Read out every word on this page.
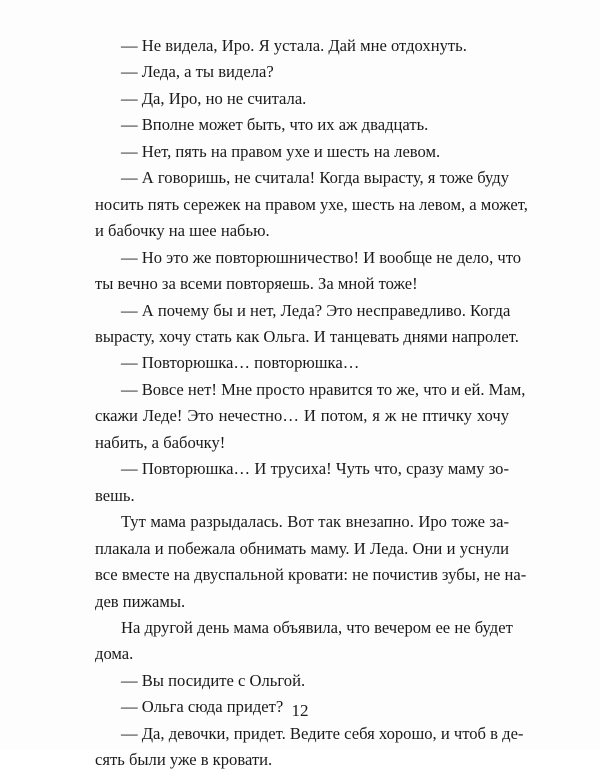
— Не видела, Иро. Я устала. Дай мне отдохнуть.

— Леда, а ты видела?

— Да, Иро, но не считала.

— Вполне может быть, что их аж двадцать.

— Нет, пять на правом ухе и шесть на левом.

— А говоришь, не считала! Когда вырасту, я тоже буду
носить пять сережек на правом ухе, шесть на левом, а может,
и бабочку на шее набью.

— Но это же повторюшничество! И вообще не дело, что
ты вечно за всеми повторяешь. За мной тоже!

— А почему бы и нет, Леда? Это несправедливо. Когда
вырасту, хочу стать как Ольга. И танцевать днями напролет.

— Повторюшка… повторюшка…

— Вовсе нет! Мне просто нравится то же, что и ей. Мам,
скажи Леде! Это нечестно… И потом, я ж не птичку хочу
набить, а бабочку!

— Повторюшка… И трусиха! Чуть что, сразу маму зо-
вешь.

Тут мама разрыдалась. Вот так внезапно. Иро тоже за-
плакала и побежала обнимать маму. И Леда. Они и уснули
все вместе на двуспальной кровати: не почистив зубы, не на-
дев пижамы.

На другой день мама объявила, что вечером ее не будет
дома.

— Вы посидите с Ольгой.

— Ольга сюда придет?

— Да, девочки, придет. Ведите себя хорошо, и чтоб в де-
сять были уже в кровати.

12
